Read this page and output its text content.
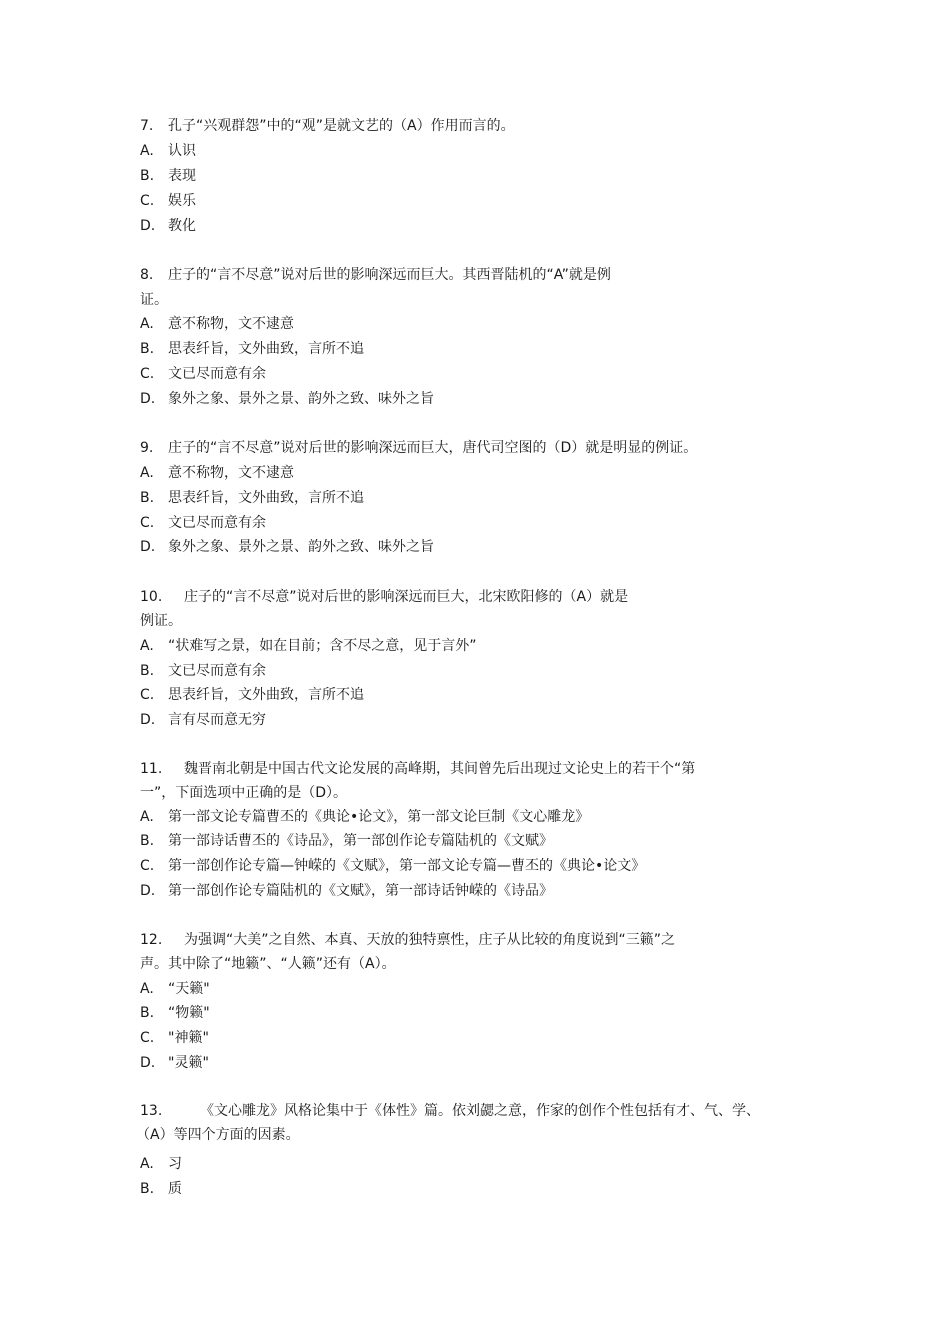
7. 孔子“兴观群怨”中的“观”是就文艺的（A）作用而言的。
A. 认识
B. 表现
C. 娱乐
D. 教化
8. 庄子的“言不尽意”说对后世的影响深远而巨大。其西晋陆机的“A”就是例
证。
A. 意不称物，文不逮意
B. 思表纤旨，文外曲致，言所不追
C. 文已尽而意有余
D. 象外之象、景外之景、韵外之致、味外之旨
9. 庄子的“言不尽意”说对后世的影响深远而巨大，唐代司空图的（D）就是明显的例证。
A. 意不称物，文不逮意
B. 思表纤旨，文外曲致，言所不追
C. 文已尽而意有余
D. 象外之象、景外之景、韵外之致、味外之旨
10. 庄子的“言不尽意”说对后世的影响深远而巨大，北宋欧阳修的（A）就是
例证。
A. “状难写之景，如在目前；含不尽之意，见于言外”
B. 文已尽而意有余
C. 思表纤旨，文外曲致，言所不追
D. 言有尽而意无穷
11. 魏晋南北朝是中国古代文论发展的高峰期，其间曾先后出现过文论史上的若干个“第
一”，下面选项中正确的是（D）。
A. 第一部文论专篇曹丕的《典论•论文》，第一部文论巨制《文心雕龙》
B. 第一部诗话曹丕的《诗品》，第一部创作论专篇陆机的《文赋》
C. 第一部创作论专篇—钟嵘的《文赋》，第一部文论专篇—曹丕的《典论•论文》
D. 第一部创作论专篇陆机的《文赋》，第一部诗话钟嵘的《诗品》
12. 为强调“大美”之自然、本真、天放的独特禀性，庄子从比较的角度说到“三籁”之
声。其中除了“地籁”、“人籁”还有（A）。
A. “天籁"
B. “物籁"
C. "神籁"
D. "灵籁"
13.	《文心雕龙》风格论集中于《体性》篇。依刘勰之意，作家的创作个性包括有才、气、学、
（A）等四个方面的因素。
A. 习
B. 质
